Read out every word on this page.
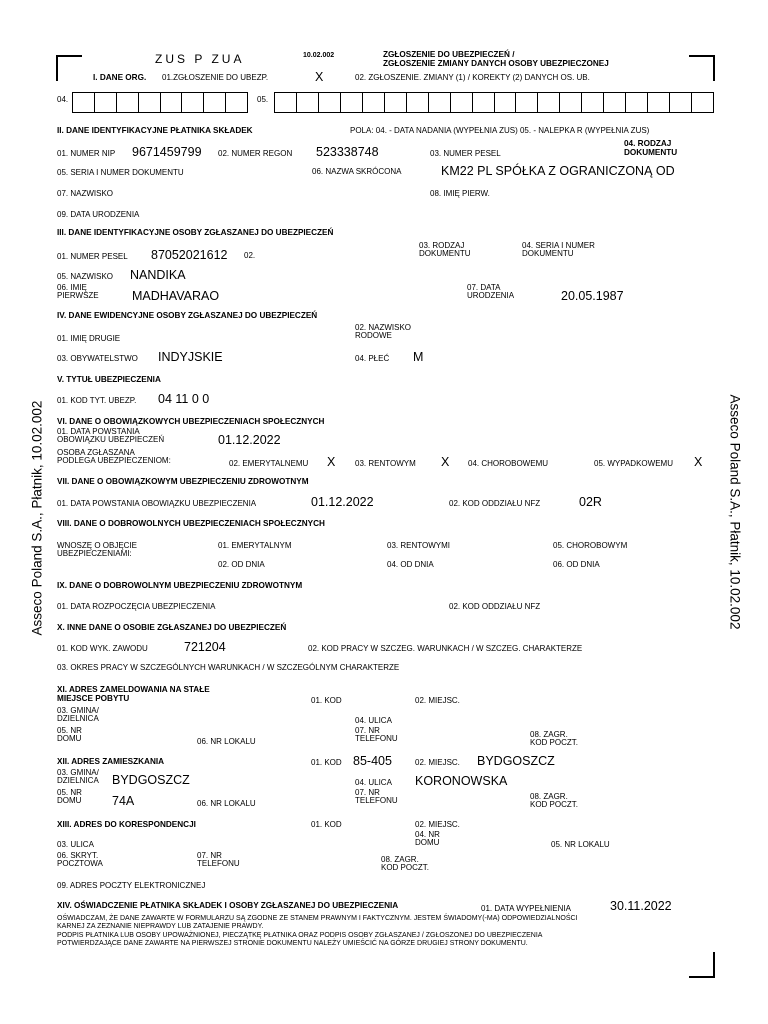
ZUS P ZUA	10.02.002	ZGŁOSZENIE DO UBEZPIECZEŃ /
ZGŁOSZENIE ZMIANY DANYCH OSOBY UBEZPIECZONEJ
I. DANE ORG. 01.ZGŁOSZENIE DO UBEZP.	X	02. ZGŁOSZENIE. ZMIANY (1) / KOREKTY (2) DANYCH OS. UB.
04.	05.
II. DANE IDENTYFIKACYJNE PŁATNIKA SKŁADEK	POLA: 04. - DATA NADANIA (WYPEŁNIA ZUS) 05. - NALEPKA R (WYPEŁNIA ZUS)
01. NUMER NIP 9671459799 02. NUMER REGON 523338748	03. NUMER PESEL
04. RODZAJ
DOKUMENTU
05. SERIA I NUMER DOKUMENTU	06. NAZWA SKRÓCONA	KM22 PL SPÓŁKA Z OGRANICZONĄ OD
07. NAZWISKO	08. IMIĘ PIERW.
09. DATA URODZENIA
III. DANE IDENTYFIKACYJNE OSOBY ZGŁASZANEJ DO UBEZPIECZEŃ
03. RODZAJ
DOKUMENTU
04. SERIA I NUMER
DOKUMENTU
01. NUMER PESEL 87052021612 02.
05. NAZWISKO NANDIKA
06. IMIĘ
PIERWSZE	MADHAVARAO
07. DATA
URODZENIA	20.05.1987
IV. DANE EWIDENCYJNE OSOBY ZGŁASZANEJ DO UBEZPIECZEŃ
02. NAZWISKO
RODOWE
01. IMIĘ DRUGIE
03. OBYWATELSTWO INDYJSKIE	04. PŁEĆ M
V. TYTUŁ UBEZPIECZENIA
01. KOD TYT. UBEZP. 04 11 0 0
VI. DANE O OBOWIĄZKOWYCH UBEZPIECZENIACH SPOŁECZNYCH
01. DATA POWSTANIA
OBOWIĄZKU UBEZPIECZEŃ	01.12.2022
OSOBA ZGŁASZANA
PODLEGA UBEZPIECZENIOM:	02. EMERYTALNEMU X 03. RENTOWYM X 04. CHOROBOWEMU	05. WYPADKOWEMU X
VII. DANE O OBOWIĄZKOWYM UBEZPIECZENIU ZDROWOTNYM
01. DATA POWSTANIA OBOWIĄZKU UBEZPIECZENIA	01.12.2022	02. KOD ODDZIAŁU NFZ	02R
VIII. DANE O DOBROWOLNYCH UBEZPIECZENIACH SPOŁECZNYCH
WNOSZĘ O OBJĘCIE
UBEZPIECZENIAMI:
01. EMERYTALNYM	03. RENTOWYMI	05. CHOROBOWYM
02. OD DNIA	04. OD DNIA	06. OD DNIA
IX. DANE O DOBROWOLNYM UBEZPIECZENIU ZDROWOTNYM
01. DATA ROZPOCZĘCIA UBEZPIECZENIA	02. KOD ODDZIAŁU NFZ
X. INNE DANE O OSOBIE ZGŁASZANEJ DO UBEZPIECZEŃ
01. KOD WYK. ZAWODU	721204	02. KOD PRACY W SZCZEG. WARUNKACH / W SZCZEG. CHARAKTERZE
03. OKRES PRACY W SZCZEGÓLNYCH WARUNKACH / W SZCZEGÓLNYM CHARAKTERZE
XI. ADRES ZAMELDOWANIA NA STAŁE
MIEJSCE POBYTU	01. KOD	02. MIEJSC.
03. GMINA/
DZIELNICA	04. ULICA
05. NR
DOMU	06. NR LOKALU
07. NR
TELEFONU	08. ZAGR.
KOD POCZT.
XII. ADRES ZAMIESZKANIA	01. KOD 85-405	02. MIEJSC. BYDGOSZCZ
03. GMINA/
DZIELNICA BYDGOSZCZ	04. ULICA KORONOWSKA
05. NR
DOMU 74A	06. NR LOKALU
07. NR
TELEFONU	08. ZAGR.
KOD POCZT.
XIII. ADRES DO KORESPONDENCJI	01. KOD	02. MIEJSC.
04. NR
DOMU
03. ULICA	05. NR LOKALU
06. SKRYT.
POCZTOWA
07. NR
TELEFONU	08. ZAGR.
KOD POCZT.
09. ADRES POCZTY ELEKTRONICZNEJ
XIV. OŚWIADCZENIE PŁATNIKA SKŁADEK I OSOBY ZGŁASZANEJ DO UBEZPIECZENIA	01. DATA WYPEŁNIENIA	30.11.2022
OŚWIADCZAM, ŻE DANE ZAWARTE W FORMULARZU SĄ ZGODNE ZE STANEM PRAWNYM I FAKTYCZNYM. JESTEM ŚWIADOMY(-MA) ODPOWIEDZIALNOŚCI
KARNEJ ZA ZEZNANIE NIEPRAWDY LUB ZATAJENIE PRAWDY.
PODPIS PŁATNIKA LUB OSOBY UPOWAŻNIONEJ, PIECZĄTKĘ PŁATNIKA ORAZ PODPIS OSOBY ZGŁASZANEJ / ZGŁOSZONEJ DO UBEZPIECZENIA
POTWIERDZAJĄCE DANE ZAWARTE NA PIERWSZEJ STRONIE DOKUMENTU NALEŻY UMIEŚCIĆ NA GÓRZE DRUGIEJ STRONY DOKUMENTU.
Asseco Poland S.A., Płatnik, 10.02.002	Asseco Poland S.A., Płatnik, 10.02.002
